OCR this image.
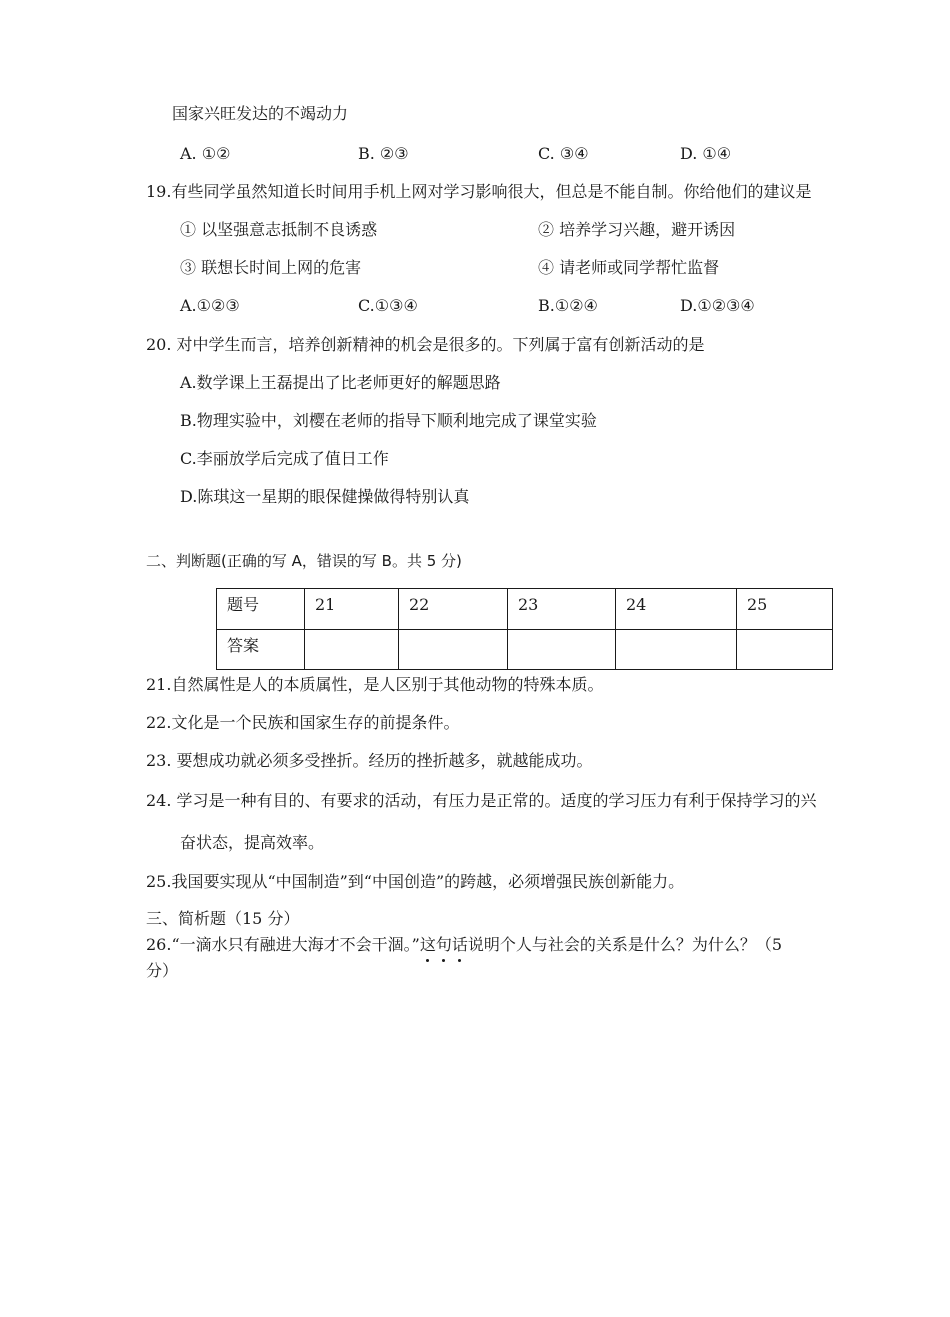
国家兴旺发达的不竭动力
A. ①②	B. ②③	C. ③④	D. ①④
19.有些同学虽然知道长时间用手机上网对学习影响很大，但总是不能自制。你给他们的建议是
① 以坚强意志抵制不良诱惑	② 培养学习兴趣，避开诱因
③ 联想长时间上网的危害	④ 请老师或同学帮忙监督
A.①②③	C.①③④	B.①②④	D.①②③④
20. 对中学生而言，培养创新精神的机会是很多的。下列属于富有创新活动的是
A.数学课上王磊提出了比老师更好的解题思路
B.物理实验中，刘樱在老师的指导下顺利地完成了课堂实验
C.李丽放学后完成了值日工作
D.陈琪这一星期的眼保健操做得特别认真
二、判断题(正确的写 A，错误的写 B。共 5 分)
题号	21	22	23	24	25
答案					
21.自然属性是人的本质属性，是人区别于其他动物的特殊本质。
22.文化是一个民族和国家生存的前提条件。
23. 要想成功就必须多受挫折。经历的挫折越多，就越能成功。
24. 学习是一种有目的、有要求的活动，有压力是正常的。适度的学习压力有利于保持学习的兴
奋状态，提高效率。
25.我国要实现从“中国制造”到“中国创造”的跨越，必须增强民族创新能力。
三、简析题（15 分）
26.“一滴水只有融进大海才不会干涸。”这句话说明个人与社会的关系是什么？为什么？（5
分）
